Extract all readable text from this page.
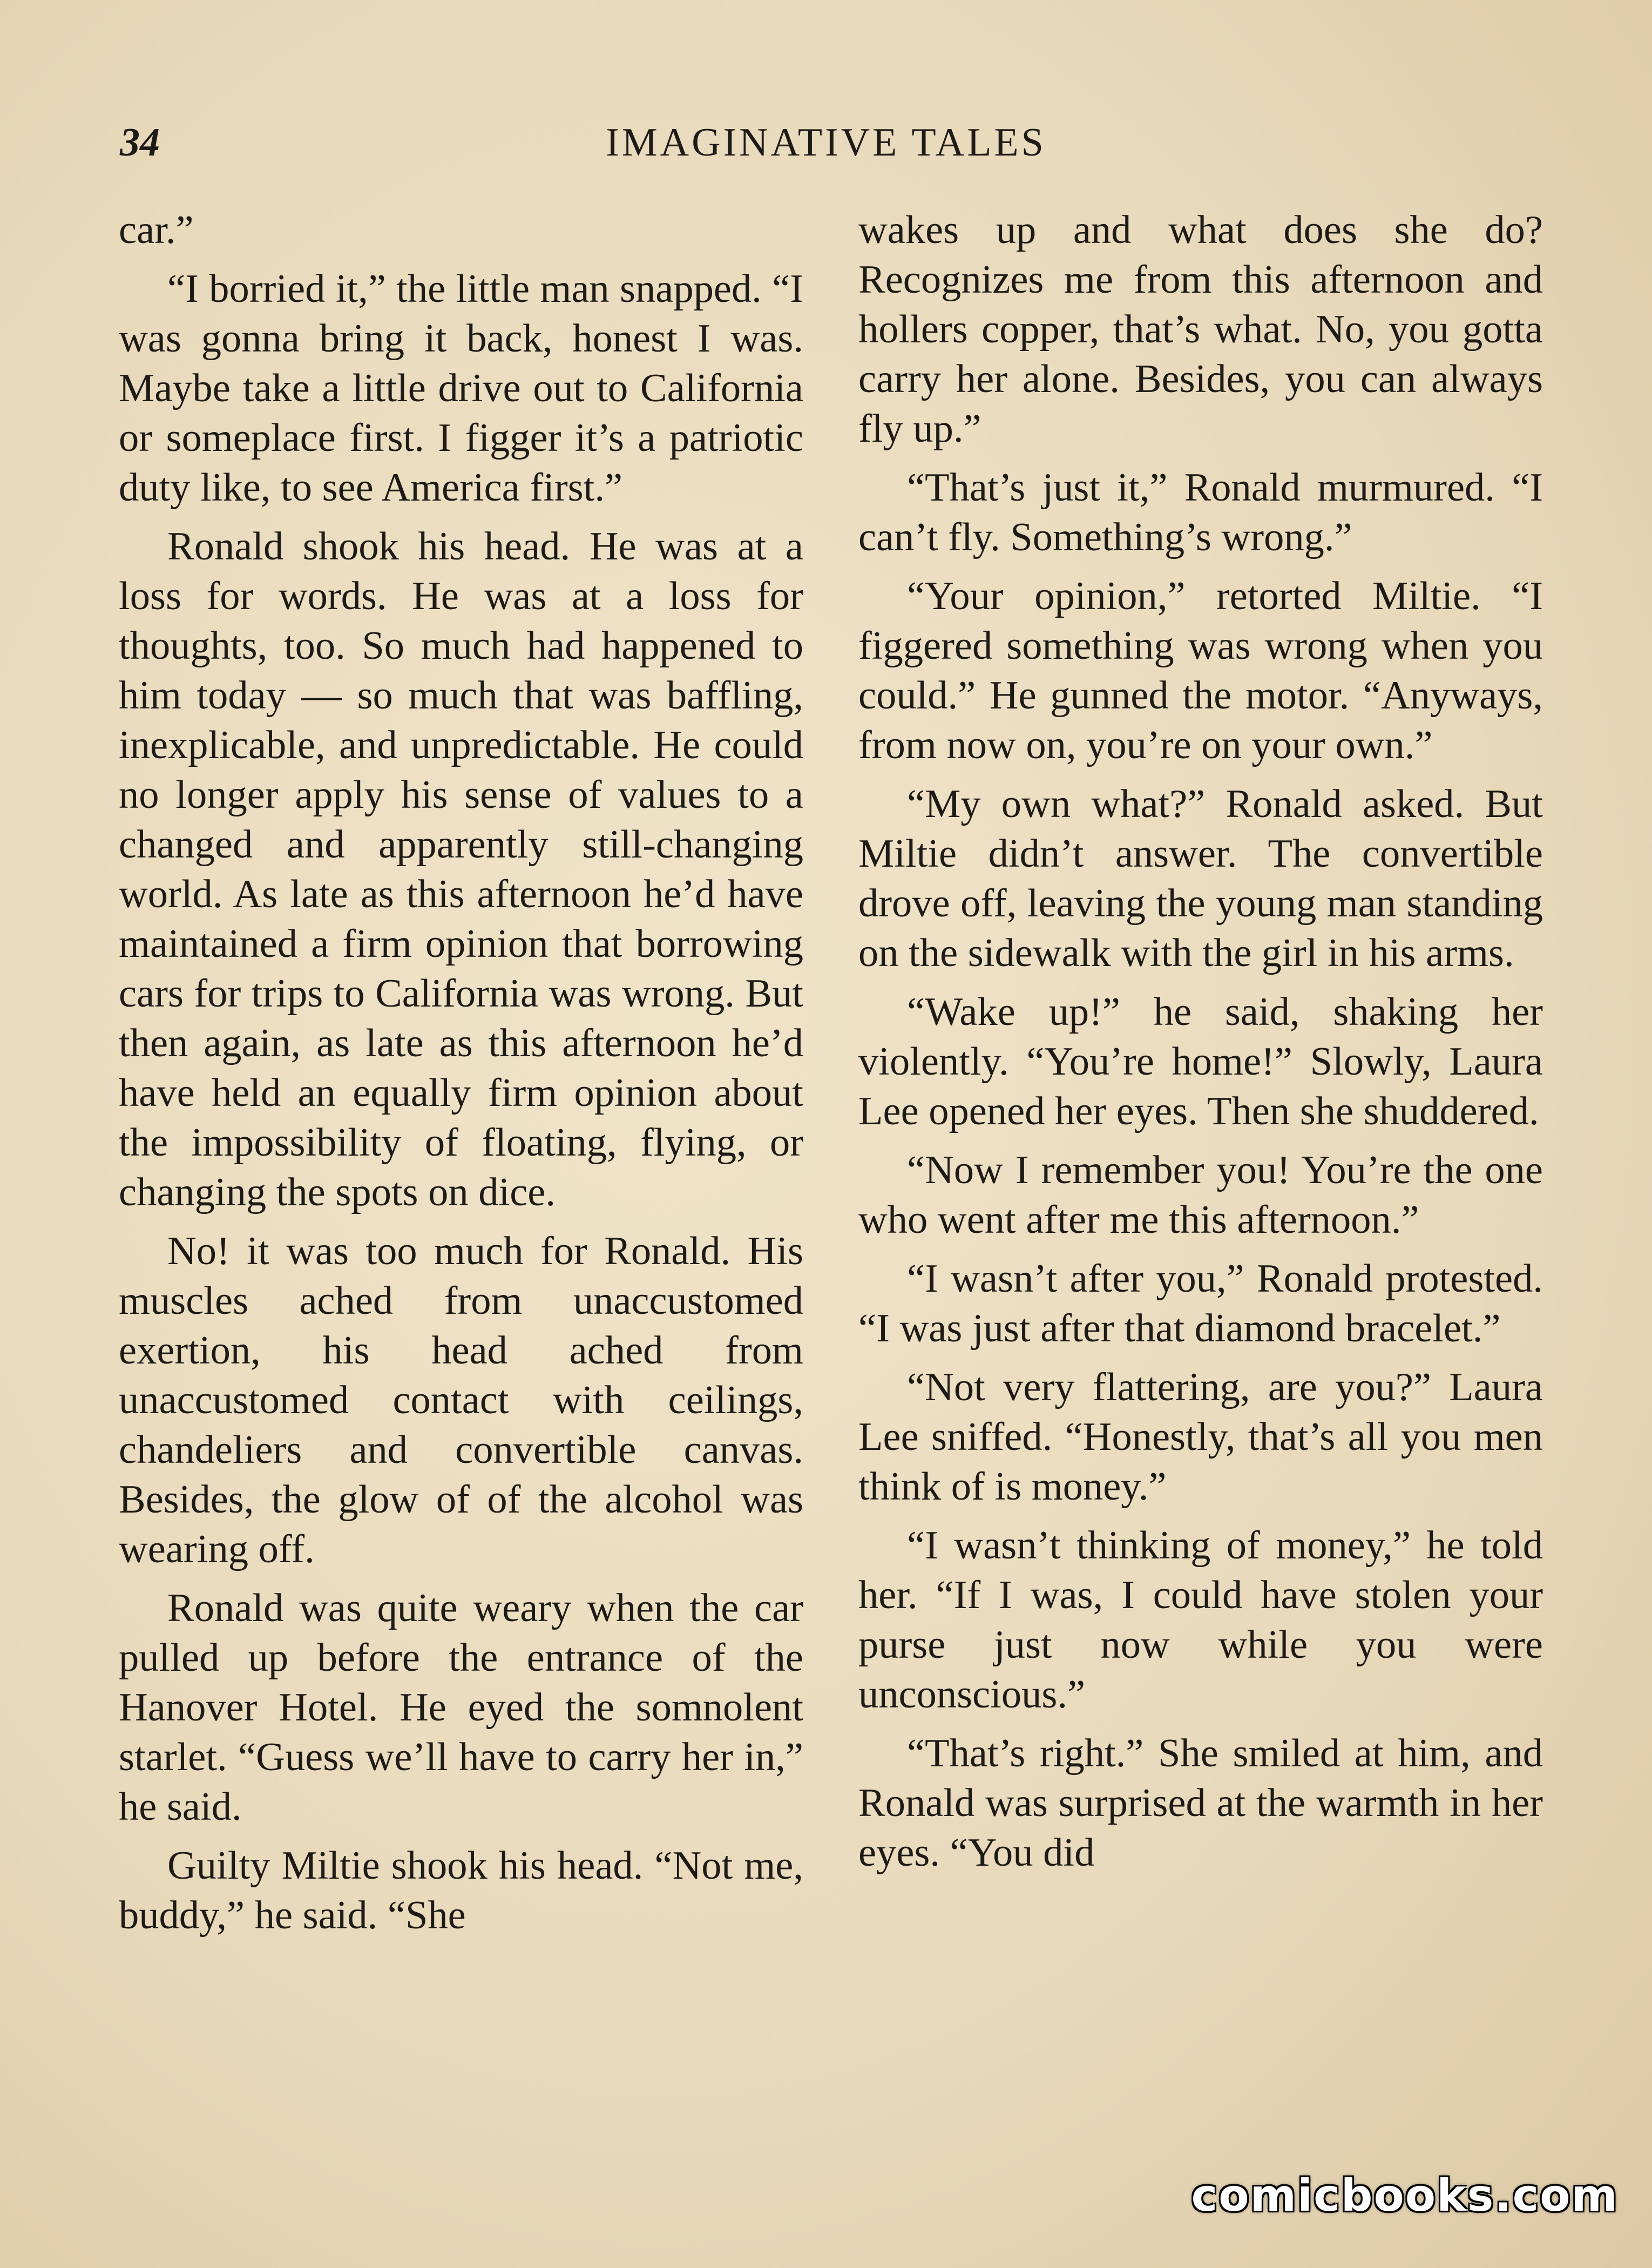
34	IMAGINATIVE TALES

car.”

“I borried it,” the little man snapped. “I was gonna bring it back, honest I was. Maybe take a little drive out to California or someplace first. I figger it’s a patriotic duty like, to see America first.”

Ronald shook his head. He was at a loss for words. He was at a loss for thoughts, too. So much had happened to him today — so much that was baffling, inexplicable, and unpredictable. He could no longer apply his sense of values to a changed and apparently still-changing world. As late as this afternoon he’d have maintained a firm opinion that borrowing cars for trips to California was wrong. But then again, as late as this afternoon he’d have held an equally firm opinion about the impossibility of floating, flying, or changing the spots on dice.

No! it was too much for Ronald. His muscles ached from unaccustomed exertion, his head ached from unaccustomed contact with ceilings, chandeliers and convertible canvas. Besides, the glow of of the alcohol was wearing off.

Ronald was quite weary when the car pulled up before the entrance of the Hanover Hotel. He eyed the somnolent starlet. “Guess we’ll have to carry her in,” he said.

Guilty Miltie shook his head. “Not me, buddy,” he said. “She

wakes up and what does she do? Recognizes me from this afternoon and hollers copper, that’s what. No, you gotta carry her alone. Besides, you can always fly up.”

“That’s just it,” Ronald murmured. “I can’t fly. Something’s wrong.”

“Your opinion,” retorted Miltie. “I figgered something was wrong when you could.” He gunned the motor. “Anyways, from now on, you’re on your own.”

“My own what?” Ronald asked. But Miltie didn’t answer. The convertible drove off, leaving the young man standing on the sidewalk with the girl in his arms.

“Wake up!” he said, shaking her violently. “You’re home!” Slowly, Laura Lee opened her eyes. Then she shuddered.

“Now I remember you! You’re the one who went after me this afternoon.”

“I wasn’t after you,” Ronald protested. “I was just after that diamond bracelet.”

“Not very flattering, are you?” Laura Lee sniffed. “Honestly, that’s all you men think of is money.”

“I wasn’t thinking of money,” he told her. “If I was, I could have stolen your purse just now while you were unconscious.”

“That’s right.” She smiled at him, and Ronald was surprised at the warmth in her eyes. “You did

comicbooks.com
